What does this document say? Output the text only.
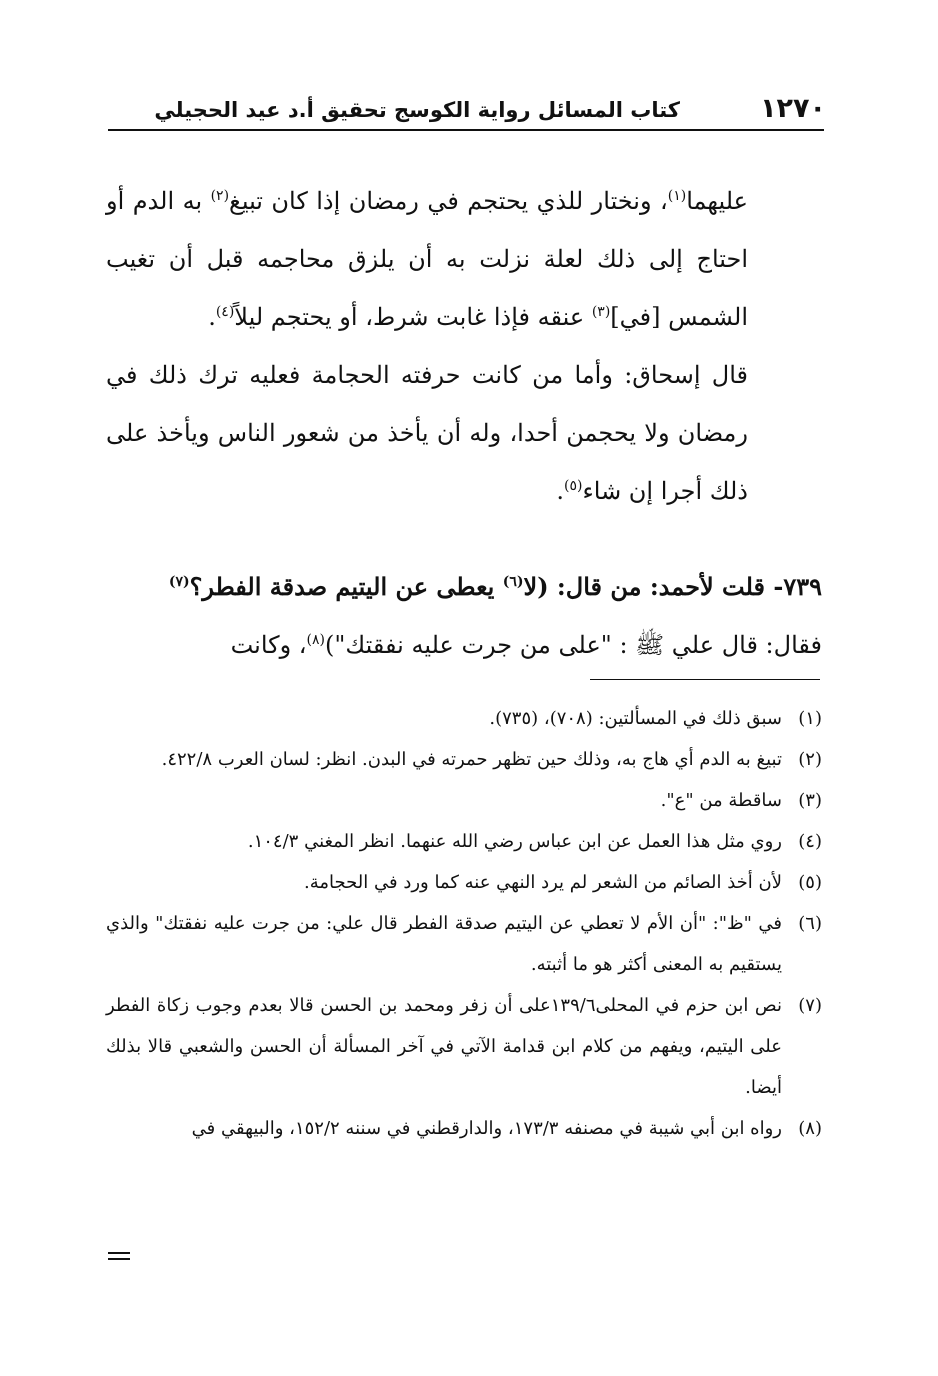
١٢٧٠
كتاب المسائل رواية الكوسج تحقيق أ.د عيد الحجيلي

عليهما$^{(١)}$، ونختار للذي يحتجم في رمضان إذا كان تبيغ$^{(٢)}$ به الدم أو احتاج إلى ذلك لعلة نزلت به أن يلزق محاجمه قبل أن تغيب الشمس [في]$^{(٣)}$ عنقه فإذا غابت شرط، أو يحتجم ليلاً$^{(٤)}$.

قال إسحاق: وأما من كانت حرفته الحجامة فعليه ترك ذلك في رمضان ولا يحجمن أحدا، وله أن يأخذ من شعور الناس ويأخذ على ذلك أجرا إن شاء$^{(٥)}$.

٧٣٩- قلت لأحمد: من قال: (لا$^{(٦)}$ يعطى عن اليتيم صدقة الفطر؟$^{(٧)}$

فقال: قال علي ﷺ : "على من جرت عليه نفقتك")$^{(٨)}$، وكانت

(١)
سبق ذلك في المسألتين: (٧٠٨)، (٧٣٥).
(٢)
تبيغ به الدم أي هاج به، وذلك حين تظهر حمرته في البدن. انظر: لسان العرب ٤٢٢/٨.
(٣)
ساقطة من "ع".
(٤)
روي مثل هذا العمل عن ابن عباس رضي الله عنهما. انظر المغني ١٠٤/٣.
(٥)
لأن أخذ الصائم من الشعر لم يرد النهي عنه كما ورد في الحجامة.
(٦)
في "ظ": "أن الأم لا تعطي عن اليتيم صدقة الفطر قال علي: من جرت عليه نفقتك" والذي يستقيم به المعنى أكثر هو ما أثبته.
(٧)
نص ابن حزم في المحلى١٣٩/٦على أن زفر ومحمد بن الحسن قالا بعدم وجوب زكاة الفطر على اليتيم، ويفهم من كلام ابن قدامة الآتي في آخر المسألة أن الحسن والشعبي قالا بذلك أيضا.
(٨)
رواه ابن أبي شيبة في مصنفه ١٧٣/٣، والدارقطني في سننه ١٥٢/٢، والبيهقي في
